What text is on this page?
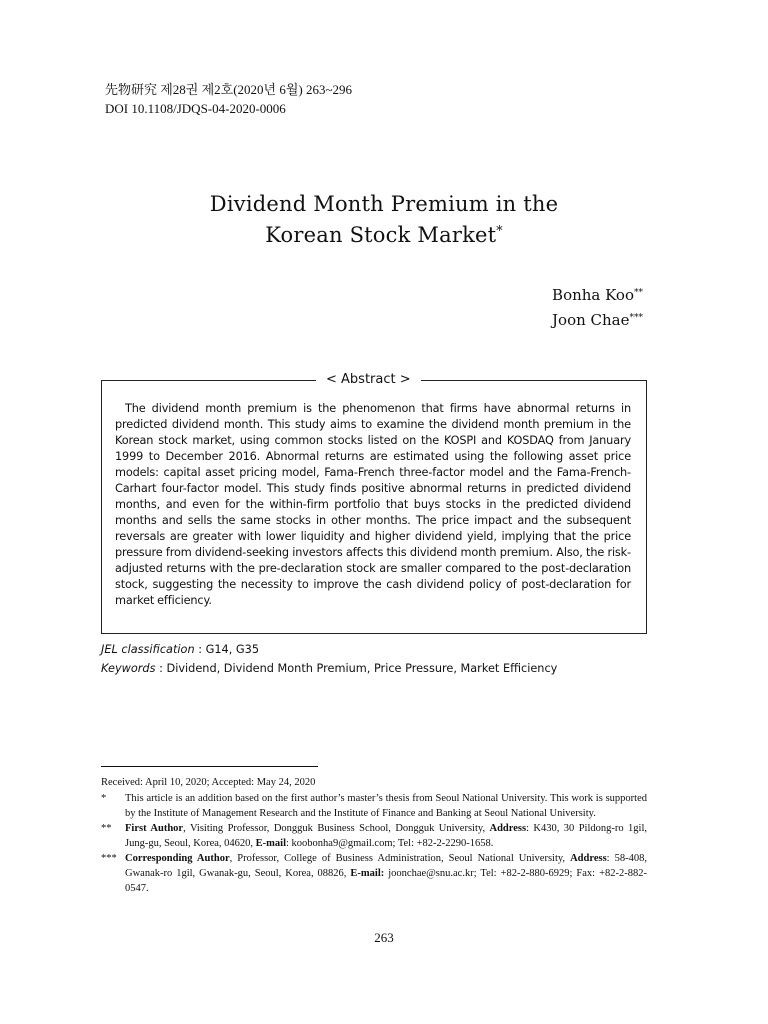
先物研究 제28권 제2호(2020년 6월) 263~296
DOI 10.1108/JDQS-04-2020-0006
Dividend Month Premium in the
Korean Stock Market*
Bonha Koo**
Joon Chae***
< Abstract >
The dividend month premium is the phenomenon that firms have abnormal returns in predicted dividend month. This study aims to examine the dividend month premium in the Korean stock market, using common stocks listed on the KOSPI and KOSDAQ from January 1999 to December 2016. Abnormal returns are estimated using the following asset price models: capital asset pricing model, Fama-French three-factor model and the Fama-French-Carhart four-factor model. This study finds positive abnormal returns in predicted dividend months, and even for the within-firm portfolio that buys stocks in the predicted dividend months and sells the same stocks in other months. The price impact and the subsequent reversals are greater with lower liquidity and higher dividend yield, implying that the price pressure from dividend-seeking investors affects this dividend month premium. Also, the risk-adjusted returns with the pre-declaration stock are smaller compared to the post-declaration stock, suggesting the necessity to improve the cash dividend policy of post-declaration for market efficiency.
JEL classification : G14, G35
Keywords : Dividend, Dividend Month Premium, Price Pressure, Market Efficiency
Received: April 10, 2020; Accepted: May 24, 2020
*	This article is an addition based on the first author’s master’s thesis from Seoul National University. This work is supported by the Institute of Management Research and the Institute of Finance and Banking at Seoul National University.
**	First Author, Visiting Professor, Dongguk Business School, Dongguk University, Address: K430, 30 Pildong-ro 1gil, Jung-gu, Seoul, Korea, 04620, E-mail: koobonha9@gmail.com; Tel: +82-2-2290-1658.
*** Corresponding Author, Professor, College of Business Administration, Seoul National University, Address: 58-408, Gwanak-ro 1gil, Gwanak-gu, Seoul, Korea, 08826, E-mail: joonchae@snu.ac.kr; Tel: +82-2-880-6929; Fax: +82-2-882-0547.
263
